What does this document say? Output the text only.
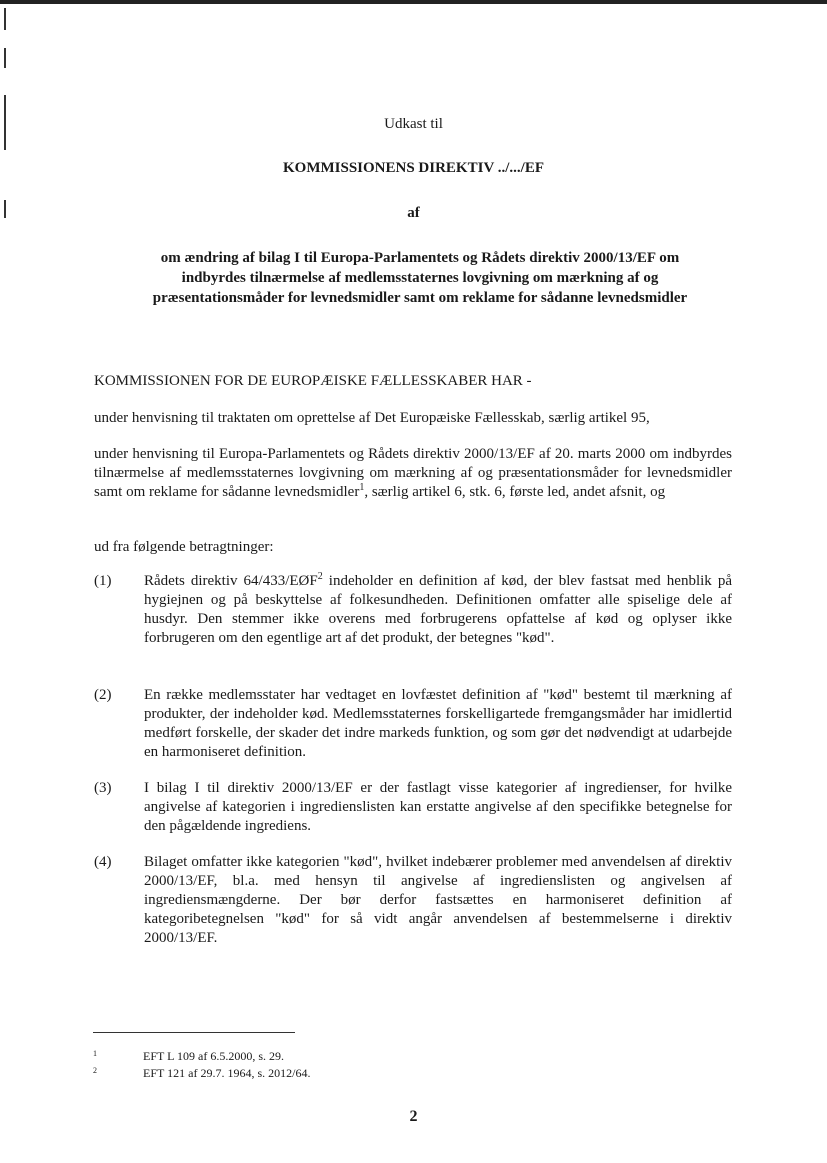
Udkast til
KOMMISSIONENS DIREKTIV ../.../EF
af
om ændring af bilag I til Europa-Parlamentets og Rådets direktiv 2000/13/EF om
indbyrdes tilnærmelse af medlemsstaternes lovgivning om mærkning af og
præsentationsmåder for levnedsmidler samt om reklame for sådanne levnedsmidler
KOMMISSIONEN FOR DE EUROPÆISKE FÆLLESSKABER HAR -
under henvisning til traktaten om oprettelse af Det Europæiske Fællesskab, særlig artikel 95,
under henvisning til Europa-Parlamentets og Rådets direktiv 2000/13/EF af 20. marts 2000 om indbyrdes tilnærmelse af medlemsstaternes lovgivning om mærkning af og præsentationsmåder for levnedsmidler samt om reklame for sådanne levnedsmidler$^1$, særlig artikel 6, stk. 6, første led, andet afsnit, og
ud fra følgende betragtninger:
(1)	Rådets direktiv 64/433/EØF$^2$ indeholder en definition af kød, der blev fastsat med henblik på hygiejnen og på beskyttelse af folkesundheden. Definitionen omfatter alle spiselige dele af husdyr. Den stemmer ikke overens med forbrugerens opfattelse af kød og oplyser ikke forbrugeren om den egentlige art af det produkt, der betegnes "kød".
(2)	En række medlemsstater har vedtaget en lovfæstet definition af "kød" bestemt til mærkning af produkter, der indeholder kød. Medlemsstaternes forskelligartede fremgangsmåder har imidlertid medført forskelle, der skader det indre markeds funktion, og som gør det nødvendigt at udarbejde en harmoniseret definition.
(3)	I bilag I til direktiv 2000/13/EF er der fastlagt visse kategorier af ingredienser, for hvilke angivelse af kategorien i ingredienslisten kan erstatte angivelse af den specifikke betegnelse for den pågældende ingrediens.
(4)	Bilaget omfatter ikke kategorien "kød", hvilket indebærer problemer med anvendelsen af direktiv 2000/13/EF, bl.a. med hensyn til angivelse af ingredienslisten og angivelsen af ingrediensmængderne. Der bør derfor fastsættes en harmoniseret definition af kategoribetegnelsen "kød" for så vidt angår anvendelsen af bestemmelserne i direktiv 2000/13/EF.
1	EFT L 109 af 6.5.2000, s. 29.
2	EFT 121 af 29.7. 1964, s. 2012/64.
2
